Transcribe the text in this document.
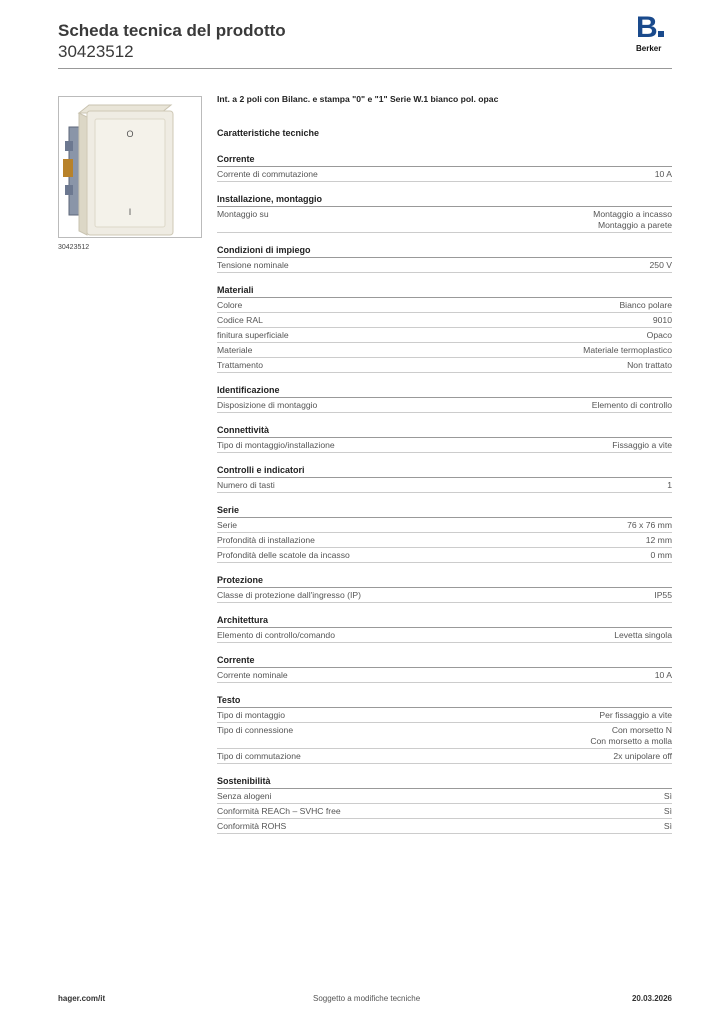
Scheda tecnica del prodotto
30423512
B
Berker
O
I
30423512
Int. a 2 poli con Bilanc. e stampa "0" e "1" Serie W.1 bianco pol. opac
Caratteristiche tecniche
Corrente
Corrente di commutazione	10 A
Installazione, montaggio
Montaggio su	Montaggio a incasso
Montaggio a parete
Condizioni di impiego
Tensione nominale	250 V
Materiali
Colore	Bianco polare
Codice RAL	9010
finitura superficiale	Opaco
Materiale	Materiale termoplastico
Trattamento	Non trattato
Identificazione
Disposizione di montaggio	Elemento di controllo
Connettività
Tipo di montaggio/installazione	Fissaggio a vite
Controlli e indicatori
Numero di tasti	1
Serie
Serie	76 x 76 mm
Profondità di installazione	12 mm
Profondità delle scatole da incasso	0 mm
Protezione
Classe di protezione dall'ingresso (IP)	IP55
Architettura
Elemento di controllo/comando	Levetta singola
Corrente
Corrente nominale	10 A
Testo
Tipo di montaggio	Per fissaggio a vite
Tipo di connessione	Con morsetto N
Con morsetto a molla
Tipo di commutazione	2x unipolare off
Sostenibilità
Senza alogeni	Sì
Conformità REACh – SVHC free	Sì
Conformità ROHS	Sì
hager.com/it	Soggetto a modifiche tecniche	20.03.2026
